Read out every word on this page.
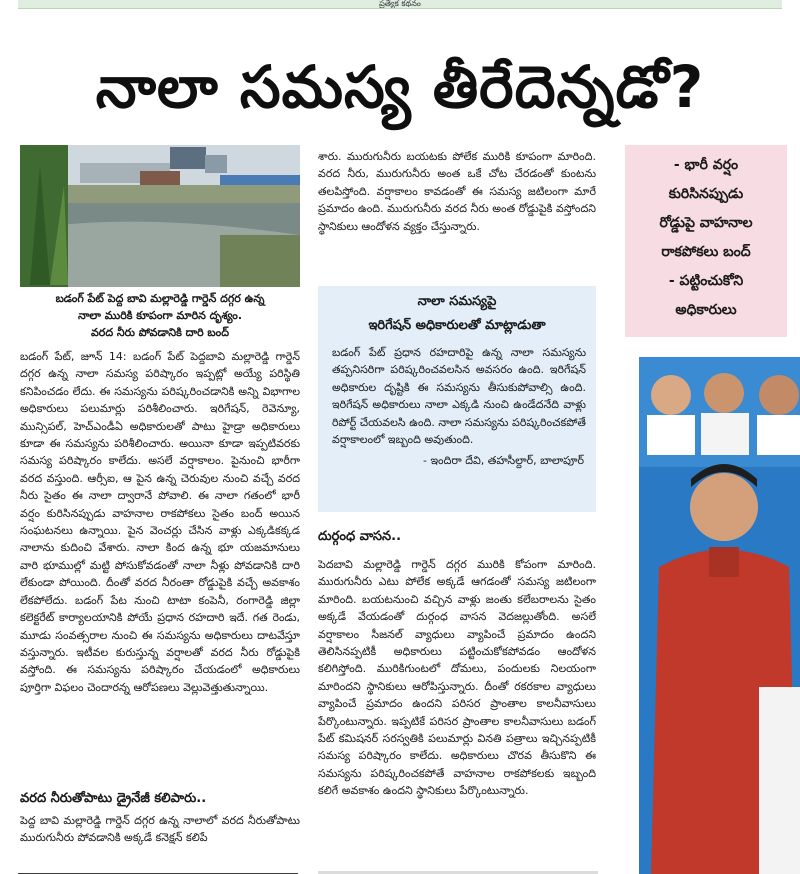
ప్రత్యేక కథనం
నాలా సమస్య తీరేదెన్నడో?
బడంగ్ పేట్ పెద్ద బావి మల్లారెడ్డి గార్డెన్ దగ్గర ఉన్న
నాలా మురికి కూపంగా మారిన దృశ్యం.
వరద నీరు పోవడానికి దారి బంద్

బడంగ్ పేట్, జూన్ 14: బడంగ్ పేట్ పెద్దబావి మల్లారెడ్డి గార్డెన్ దగ్గర ఉన్న నాలా సమస్య పరిష్కారం ఇప్పట్లో అయ్యే పరిస్థితి కనిపించడం లేదు. ఈ సమస్యను పరిష్కరించడానికి అన్ని విభాగాల అధికారులు పలుమార్లు పరిశీలించారు. ఇరిగేషన్, రెవెన్యూ, మున్సిపల్, హెచ్ఎండీఏ అధికారులతో పాటు హైడ్రా అధికారులు కూడా ఈ సమస్యను పరిశీలించారు. అయినా కూడా ఇప్పటివరకు సమస్య పరిష్కారం కాలేదు. అసలే వర్షాకాలం. పైనుంచి భారీగా వరద వస్తుంది. ఆర్సీఐ, ఆ పైన ఉన్న చెరువుల నుంచి వచ్చే వరద నీరు సైతం ఈ నాలా ద్వారానే పోవాలి. ఈ నాలా గతంలో భారీ వర్షం కురిసినప్పుడు వాహనాల రాకపోకలు సైతం బంద్ అయిన సంఘటనలు ఉన్నాయి. పైన వెంచర్లు చేసిన వాళ్లు ఎక్కడికక్కడ నాలాను కుదించి వేశారు. నాలా కింద ఉన్న భూ యజమానులు వారి భూముల్లో మట్టి పోసుకోవడంతో నాలా నీళ్లు పోవడానికి దారి లేకుండా పోయింది. దీంతో వరద నీరంతా రోడ్డుపైకి వచ్చే అవకాశం లేకపోలేదు. బడంగ్ పేట నుంచి టాటా కంపెనీ, రంగారెడ్డి జిల్లా కలెక్టరేట్ కార్యాలయానికి పోయే ప్రధాన రహదారి ఇదే. గత రెండు, మూడు సంవత్సరాల నుంచి ఈ సమస్యను అధికారులు దాటవేస్తూ వస్తున్నారు. ఇటీవల కురుస్తున్న వర్షాలతో వరద నీరు రోడ్డుపైకి వస్తోంది. ఈ సమస్యను పరిష్కారం చేయడంలో అధికారులు పూర్తిగా విఫలం చెందారన్న ఆరోపణలు వెల్లువెత్తుతున్నాయి.

వరద నీరుతోపాటు డ్రైనేజీ కలిపారు..

పెద్ద బావి మల్లారెడ్డి గార్డెన్ దగ్గర ఉన్న నాలాలో వరద నీరుతోపాటు మురుగునీరు పోవడానికి అక్కడే కనెక్షన్ కలిపే

శారు. మురుగునీరు బయటకు పోలేక మురికి కూపంగా మారింది. వరద నీరు, మురుగునీరు అంత ఒకే చోట చేరడంతో కుంటను తలపిస్తోంది. వర్షాకాలం కావడంతో ఈ సమస్య జటిలంగా మారే ప్రమాదం ఉంది. మురుగునీరు వరద నీరు అంత రోడ్డుపైకి వస్తోందని స్థానికులు ఆందోళన వ్యక్తం చేస్తున్నారు.

నాలా సమస్యపై
ఇరిగేషన్ అధికారులతో మాట్లాడుతా
బడంగ్ పేట్ ప్రధాన రహదారిపై ఉన్న నాలా సమస్యను తప్పనిసరిగా పరిష్కరించవలసిన అవసరం ఉంది. ఇరిగేషన్ అధికారుల దృష్టికి ఈ సమస్యను తీసుకుపోవాల్సి ఉంది. ఇరిగేషన్ అధికారులు నాలా ఎక్కడి నుంచి ఉండేదనేది వాళ్లు రిపోర్ట్ చేయవలసి ఉంది. నాలా సమస్యను పరిష్కరించకపోతే వర్షాకాలంలో ఇబ్బంది అవుతుంది.
- ఇందిరా దేవి, తహసీల్దార్, బాలాపూర్
దుర్గంధ వాసన..

పెదబావి మల్లారెడ్డి గార్డెన్ దగ్గర మురికి కోపంగా మారింది. మురుగునీరు ఎటు పోలేక అక్కడే ఆగడంతో సమస్య జటిలంగా మారింది. బయటనుంచి వచ్చిన వాళ్లు జంతు కలేబరాలను సైతం అక్కడే వేయడంతో దుర్గంధ వాసన వెదజల్లుతోంది. అసలే వర్షాకాలం సీజనల్ వ్యాధులు వ్యాపించే ప్రమాదం ఉందని తెలిసినప్పటికీ అధికారులు పట్టించుకోకపోవడం ఆందోళన కలిగిస్తోంది. మురికిగుంటలో దోమలు, పందులకు నిలయంగా మారిందని స్థానికులు ఆరోపిస్తున్నారు. దీంతో రకరకాల వ్యాధులు వ్యాపించే ప్రమాదం ఉందని పరిసర ప్రాంతాల కాలనీవాసులు పేర్కొంటున్నారు. ఇప్పటికే పరిసర ప్రాంతాల కాలనీవాసులు బడంగ్ పేట్ కమిషనర్ సరస్వతికి పలుమార్లు వినతి పత్రాలు ఇచ్చినప్పటికీ సమస్య పరిష్కారం కాలేదు. అధికారులు చొరవ తీసుకొని ఈ సమస్యను పరిష్కరించకపోతే వాహనాల రాకపోకలకు ఇబ్బంది కలిగే అవకాశం ఉందని స్థానికులు పేర్కొంటున్నారు.

- భారీ వర్షం
కురిసినప్పుడు
రోడ్డుపై వాహనాల
రాకపోకలు బంద్
- పట్టించుకోని
అధికారులు
